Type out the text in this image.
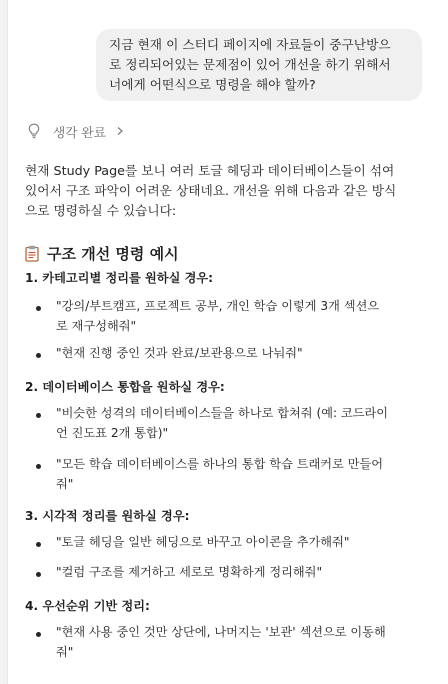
지금 현재 이 스터디 페이지에 자료들이 중구난방으
로 정리되어있는 문제점이 있어 개선을 하기 위해서
너에게 어떤식으로 명령을 해야 할까?
생각 완료
현재 Study Page를 보니 여러 토글 헤딩과 데이터베이스들이 섞여
있어서 구조 파악이 어려운 상태네요. 개선을 위해 다음과 같은 방식
으로 명령하실 수 있습니다:
구조 개선 명령 예시
1. 카테고리별 정리를 원하실 경우:
"강의/부트캠프, 프로젝트 공부, 개인 학습 이렇게 3개 섹션으
로 재구성해줘"
"현재 진행 중인 것과 완료/보관용으로 나눠줘"
2. 데이터베이스 통합을 원하실 경우:
"비슷한 성격의 데이터베이스들을 하나로 합쳐줘 (예: 코드라이
언 진도표 2개 통합)"
"모든 학습 데이터베이스를 하나의 통합 학습 트래커로 만들어
줘"
3. 시각적 정리를 원하실 경우:
"토글 헤딩을 일반 헤딩으로 바꾸고 아이콘을 추가해줘"
"컬럼 구조를 제거하고 세로로 명확하게 정리해줘"
4. 우선순위 기반 정리:
"현재 사용 중인 것만 상단에, 나머지는 '보관' 섹션으로 이동해
줘"
